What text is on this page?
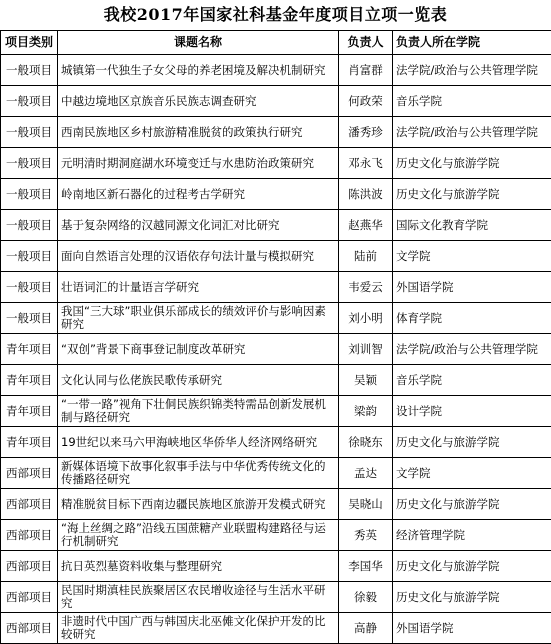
我校2017年国家社科基金年度项目立项一览表
项目类别	课题名称	负责人	负责人所在学院
一般项目	城镇第一代独生子女父母的养老困境及解决机制研究	肖富群	法学院/政治与公共管理学院
一般项目	中越边境地区京族音乐民族志调查研究	何政荣	音乐学院
一般项目	西南民族地区乡村旅游精准脱贫的政策执行研究	潘秀珍	法学院/政治与公共管理学院
一般项目	元明清时期洞庭湖水环境变迁与水患防治政策研究	邓永飞	历史文化与旅游学院
一般项目	岭南地区新石器化的过程考古学研究	陈洪波	历史文化与旅游学院
一般项目	基于复杂网络的汉越同源文化词汇对比研究	赵燕华	国际文化教育学院
一般项目	面向自然语言处理的汉语依存句法计量与模拟研究	陆前	文学院
一般项目	壮语词汇的计量语言学研究	韦爱云	外国语学院
一般项目	我国“三大球”职业俱乐部成长的绩效评价与影响因素研究	刘小明	体育学院
青年项目	“双创”背景下商事登记制度改革研究	刘训智	法学院/政治与公共管理学院
青年项目	文化认同与仫佬族民歌传承研究	吴颖	音乐学院
青年项目	“一带一路”视角下壮侗民族织锦类特需品创新发展机制与路径研究	梁韵	设计学院
青年项目	19世纪以来马六甲海峡地区华侨华人经济网络研究	徐晓东	历史文化与旅游学院
西部项目	新媒体语境下故事化叙事手法与中华优秀传统文化的传播路径研究	孟达	文学院
西部项目	精准脱贫目标下西南边疆民族地区旅游开发模式研究	吴晓山	历史文化与旅游学院
西部项目	“海上丝绸之路”沿线五国蔗糖产业联盟构建路径与运行机制研究	秀英	经济管理学院
西部项目	抗日英烈墓资料收集与整理研究	李国华	历史文化与旅游学院
西部项目	民国时期滇桂民族聚居区农民增收途径与生活水平研究	徐毅	历史文化与旅游学院
西部项目	非遗时代中国广西与韩国庆北巫傩文化保护开发的比较研究	高静	外国语学院
